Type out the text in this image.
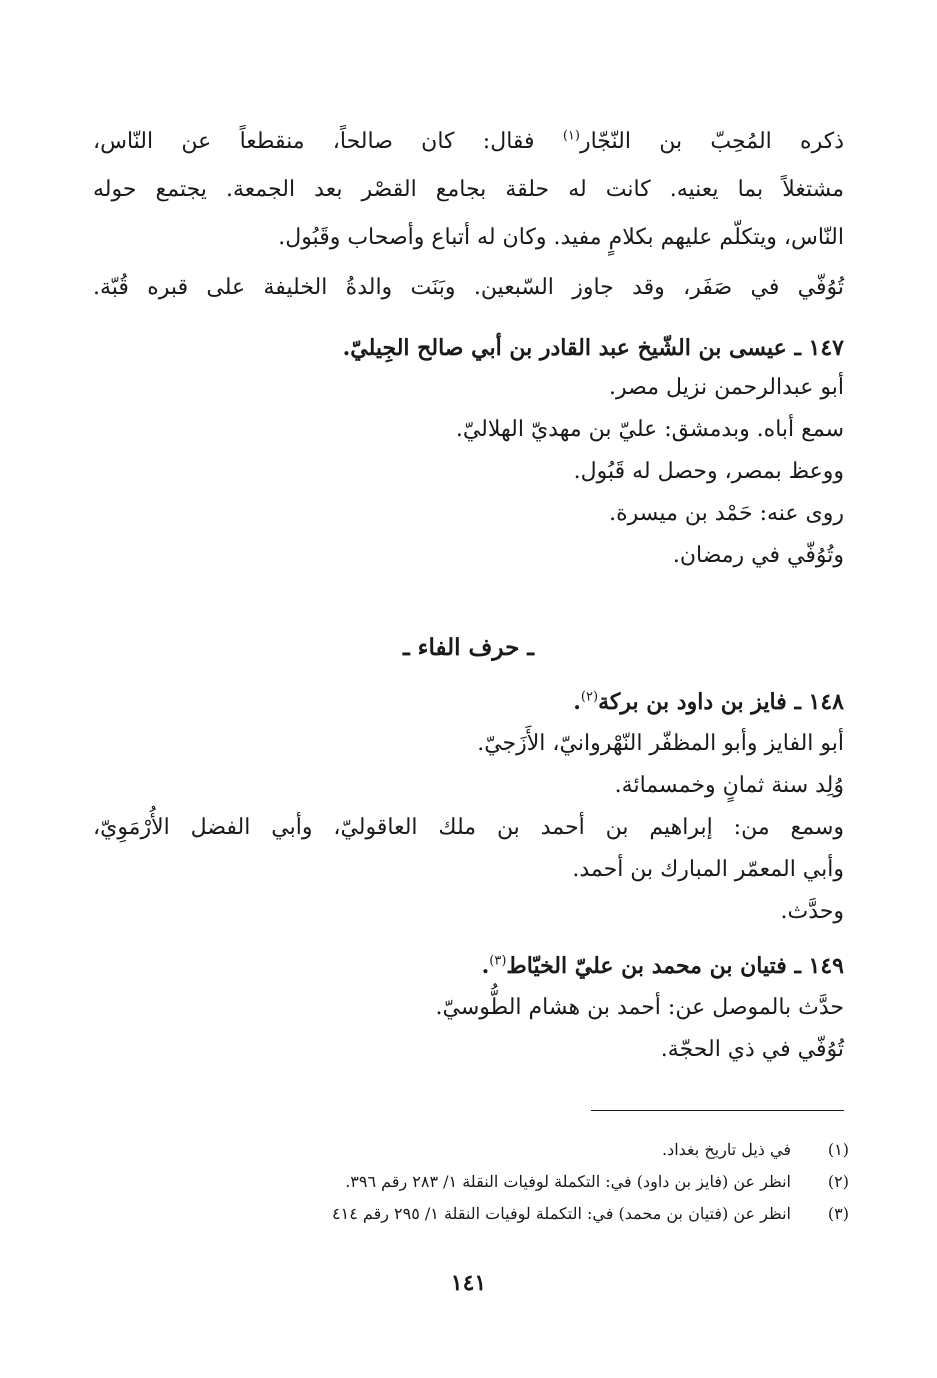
ذكره المُحِبّ بن النّجّار$^{(١)}$ فقال: كان صالحاً، منقطعاً عن النّاس،
مشتغلاً بما يعنيه. كانت له حلقة بجامع القصْر بعد الجمعة. يجتمع حوله
النّاس، ويتكلّم عليهم بكلامٍ مفيد. وكان له أتباع وأصحاب وقَبُول.
تُوُفّي في صَفَر، وقد جاوز السّبعين. وبَنَت والدةُ الخليفة على قبره قُبّة.
١٤٧ ـ عيسى بن الشّيخ عبد القادر بن أبي صالح الجِيليّ.
أبو عبدالرحمن نزيل مصر.
سمع أباه. وبدمشق: عليّ بن مهديّ الهلاليّ.
ووعظ بمصر، وحصل له قَبُول.
روى عنه: حَمْد بن ميسرة.
وتُوُفّي في رمضان.
ـ حرف الفاء ـ
١٤٨ ـ فايز بن داود بن بركة$^{(٢)}$.
أبو الفايز وأبو المظفّر النّهْروانيّ، الأَزَجيّ.
وُلِد سنة ثمانٍ وخمسمائة.
وسمع من: إبراهيم بن أحمد بن ملك العاقوليّ، وأبي الفضل الأُرْمَوِيّ،
وأبي المعمّر المبارك بن أحمد.
وحدَّث.
١٤٩ ـ فتيان بن محمد بن عليّ الخيّاط$^{(٣)}$.
حدَّث بالموصل عن: أحمد بن هشام الطُّوسيّ.
تُوُفّي في ذي الحجّة.
(١)في ذيل تاريخ بغداد.
(٢)انظر عن (فايز بن داود) في: التكملة لوفيات النقلة ١/ ٢٨٣ رقم ٣٩٦.
(٣)انظر عن (فتيان بن محمد) في: التكملة لوفيات النقلة ١/ ٢٩٥ رقم ٤١٤
١٤١
